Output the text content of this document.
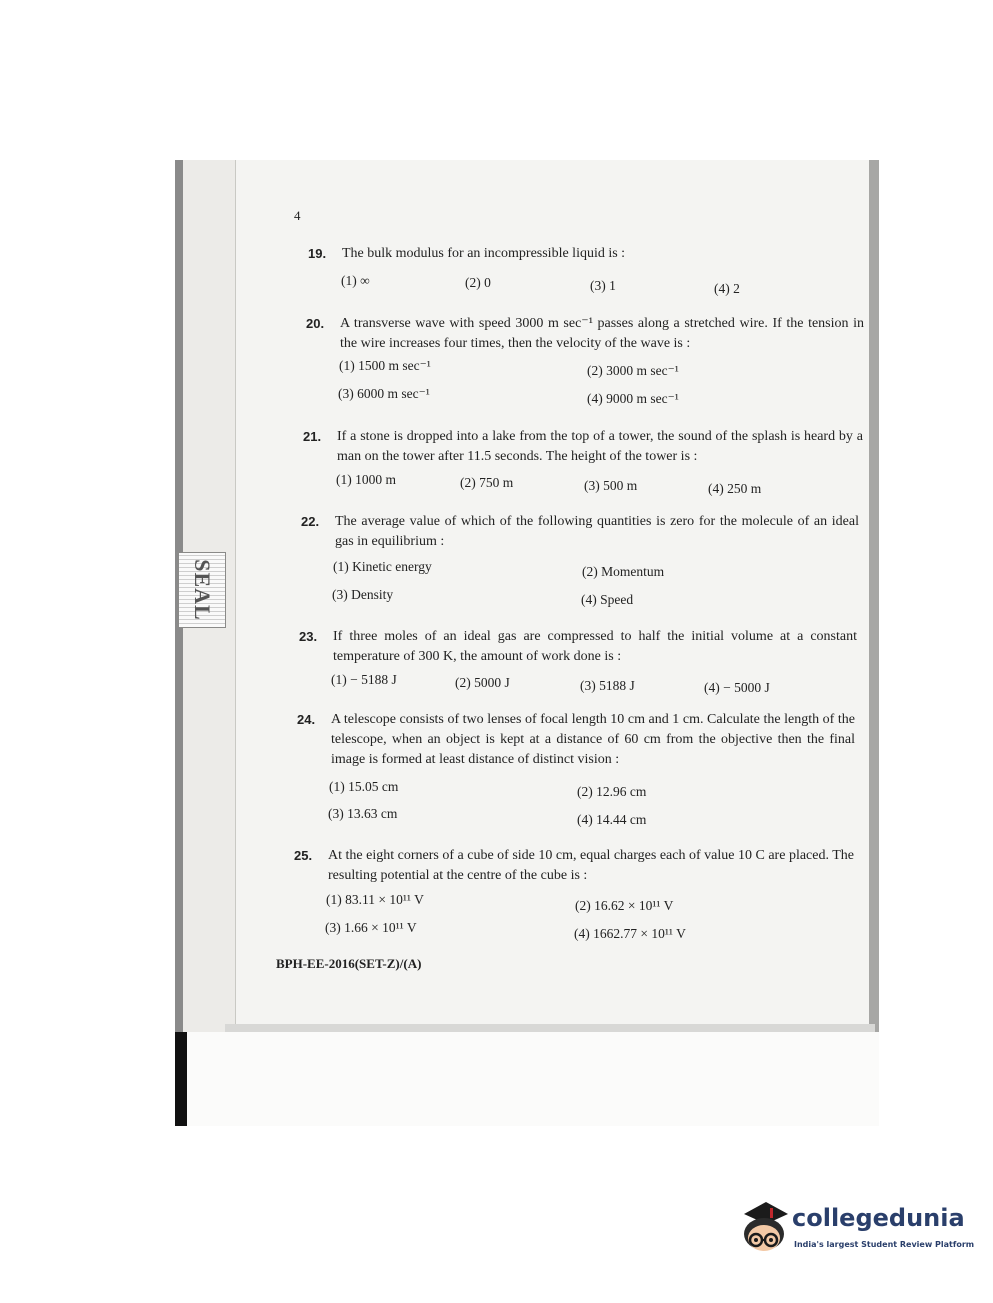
SEAL
4
19. The bulk modulus for an incompressible liquid is :
(1) ∞	(2) 0	(3) 1	(4) 2
20. A transverse wave with speed 3000 m sec⁻¹ passes along a stretched wire. If the tension in the wire increases four times, then the velocity of the wave is :
(1) 1500 m sec⁻¹	(2) 3000 m sec⁻¹
(3) 6000 m sec⁻¹	(4) 9000 m sec⁻¹
21. If a stone is dropped into a lake from the top of a tower, the sound of the splash is heard by a man on the tower after 11.5 seconds. The height of the tower is :
(1) 1000 m	(2) 750 m	(3) 500 m	(4) 250 m
22. The average value of which of the following quantities is zero for the molecule of an ideal gas in equilibrium :
(1) Kinetic energy	(2) Momentum
(3) Density	(4) Speed
23. If three moles of an ideal gas are compressed to half the initial volume at a constant temperature of 300 K, the amount of work done is :
(1) − 5188 J	(2) 5000 J	(3) 5188 J	(4) − 5000 J
24. A telescope consists of two lenses of focal length 10 cm and 1 cm. Calculate the length of the telescope, when an object is kept at a distance of 60 cm from the objective then the final image is formed at least distance of distinct vision :
(1) 15.05 cm	(2) 12.96 cm
(3) 13.63 cm	(4) 14.44 cm
25. At the eight corners of a cube of side 10 cm, equal charges each of value 10 C are placed. The resulting potential at the centre of the cube is :
(1) 83.11 × 10¹¹ V	(2) 16.62 × 10¹¹ V
(3) 1.66 × 10¹¹ V	(4) 1662.77 × 10¹¹ V
BPH-EE-2016(SET-Z)/(A)
collegedunia
India's largest Student Review Platform
